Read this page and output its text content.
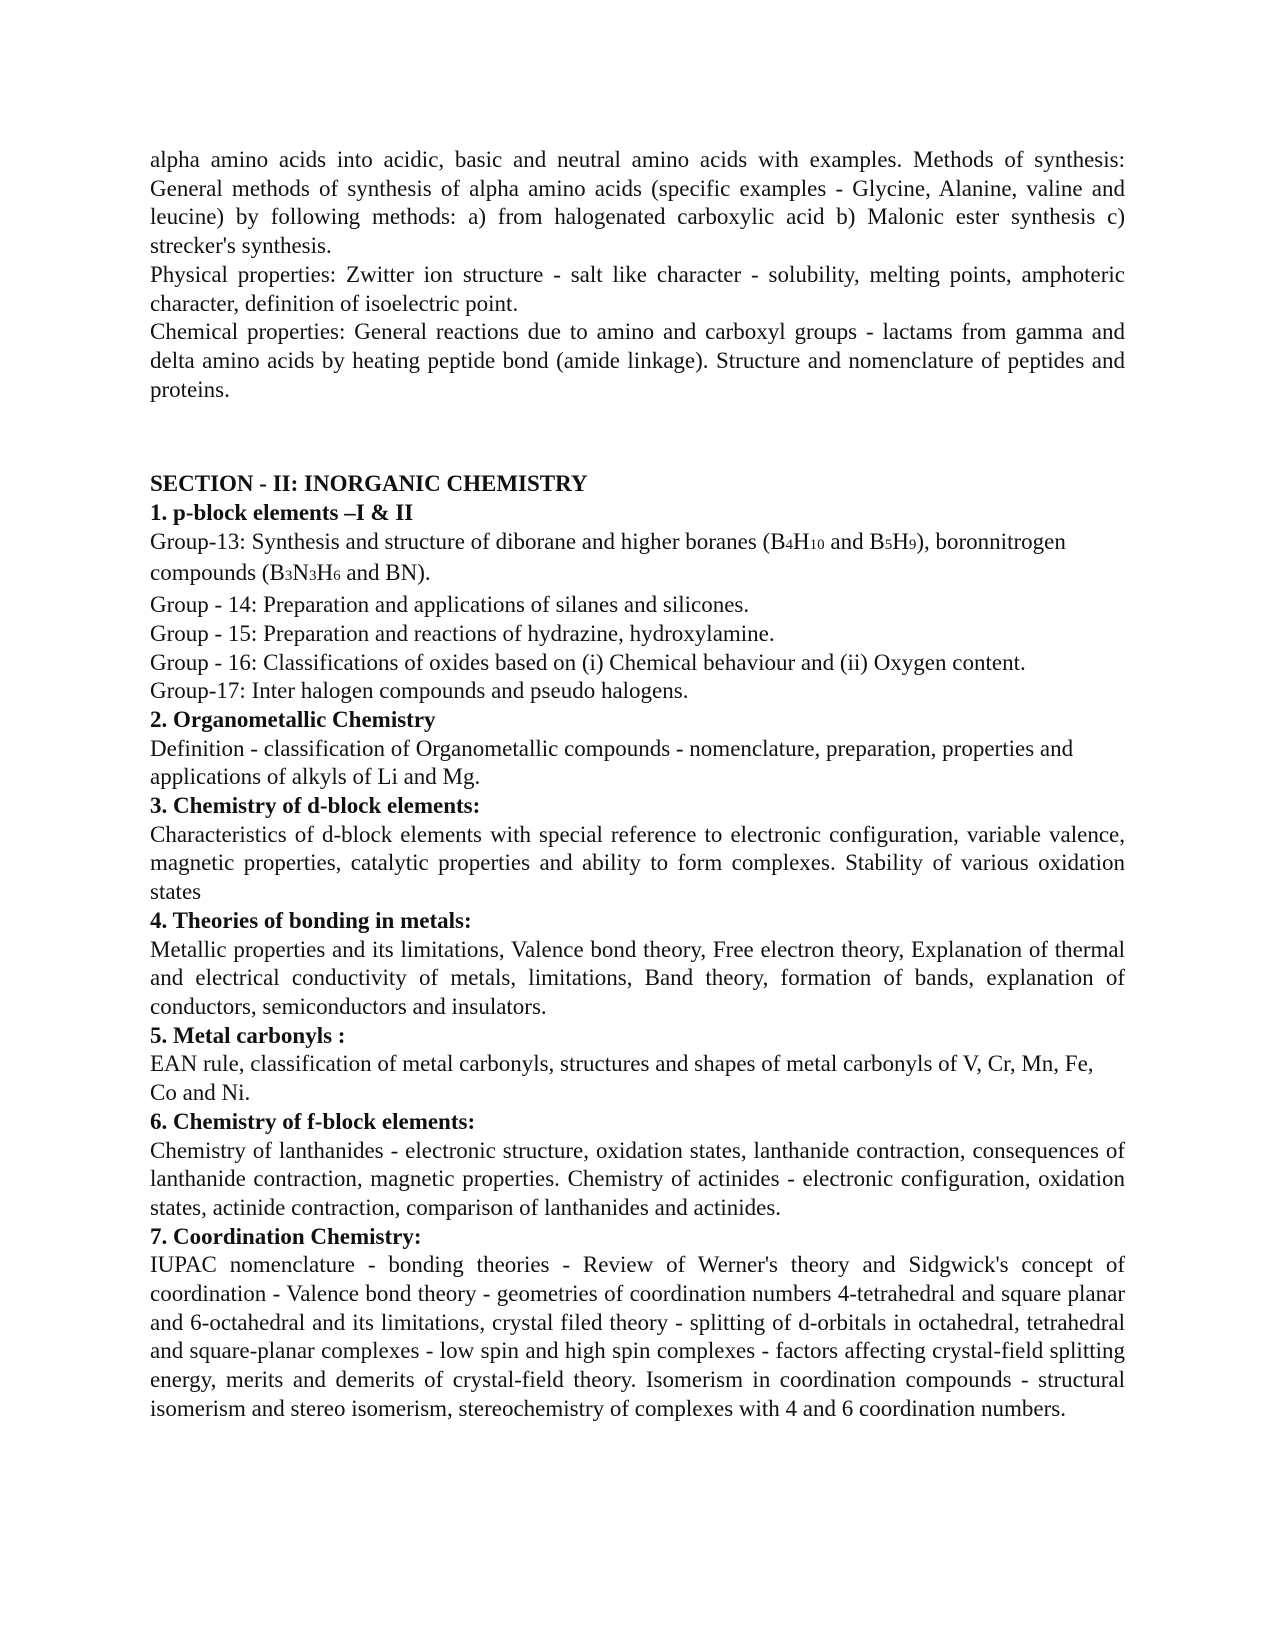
alpha amino acids into acidic, basic and neutral amino acids with examples. Methods of synthesis: General methods of synthesis of alpha amino acids (specific examples - Glycine, Alanine, valine and leucine) by following methods: a) from halogenated carboxylic acid b) Malonic ester synthesis c) strecker's synthesis.

Physical properties: Zwitter ion structure - salt like character - solubility, melting points, amphoteric character, definition of isoelectric point.

Chemical properties: General reactions due to amino and carboxyl groups - lactams from gamma and delta amino acids by heating peptide bond (amide linkage). Structure and nomenclature of peptides and proteins.

SECTION - II: INORGANIC CHEMISTRY

1. p-block elements –I & II

Group-13: Synthesis and structure of diborane and higher boranes (B4H10 and B5H9), boronnitrogen

compounds (B3N3H6 and BN).

Group - 14: Preparation and applications of silanes and silicones.

Group - 15: Preparation and reactions of hydrazine, hydroxylamine.

Group - 16: Classifications of oxides based on (i) Chemical behaviour and (ii) Oxygen content.

Group-17: Inter halogen compounds and pseudo halogens.

2. Organometallic Chemistry

Definition - classification of Organometallic compounds - nomenclature, preparation, properties and applications of alkyls of Li and Mg.

3. Chemistry of d-block elements:

Characteristics of d-block elements with special reference to electronic configuration, variable valence, magnetic properties, catalytic properties and ability to form complexes. Stability of various oxidation states

4. Theories of bonding in metals:

Metallic properties and its limitations, Valence bond theory, Free electron theory, Explanation of thermal and electrical conductivity of metals, limitations, Band theory, formation of bands, explanation of conductors, semiconductors and insulators.

5. Metal carbonyls :

EAN rule, classification of metal carbonyls, structures and shapes of metal carbonyls of V, Cr, Mn, Fe, Co and Ni.

6. Chemistry of f-block elements:

Chemistry of lanthanides - electronic structure, oxidation states, lanthanide contraction, consequences of lanthanide contraction, magnetic properties. Chemistry of actinides - electronic configuration, oxidation states, actinide contraction, comparison of lanthanides and actinides.

7. Coordination Chemistry:

IUPAC nomenclature - bonding theories - Review of Werner's theory and Sidgwick's concept of coordination - Valence bond theory - geometries of coordination numbers 4-tetrahedral and square planar and 6-octahedral and its limitations, crystal filed theory - splitting of d-orbitals in octahedral, tetrahedral and square-planar complexes - low spin and high spin complexes - factors affecting crystal-field splitting energy, merits and demerits of crystal-field theory. Isomerism in coordination compounds - structural isomerism and stereo isomerism, stereochemistry of complexes with 4 and 6 coordination numbers.
